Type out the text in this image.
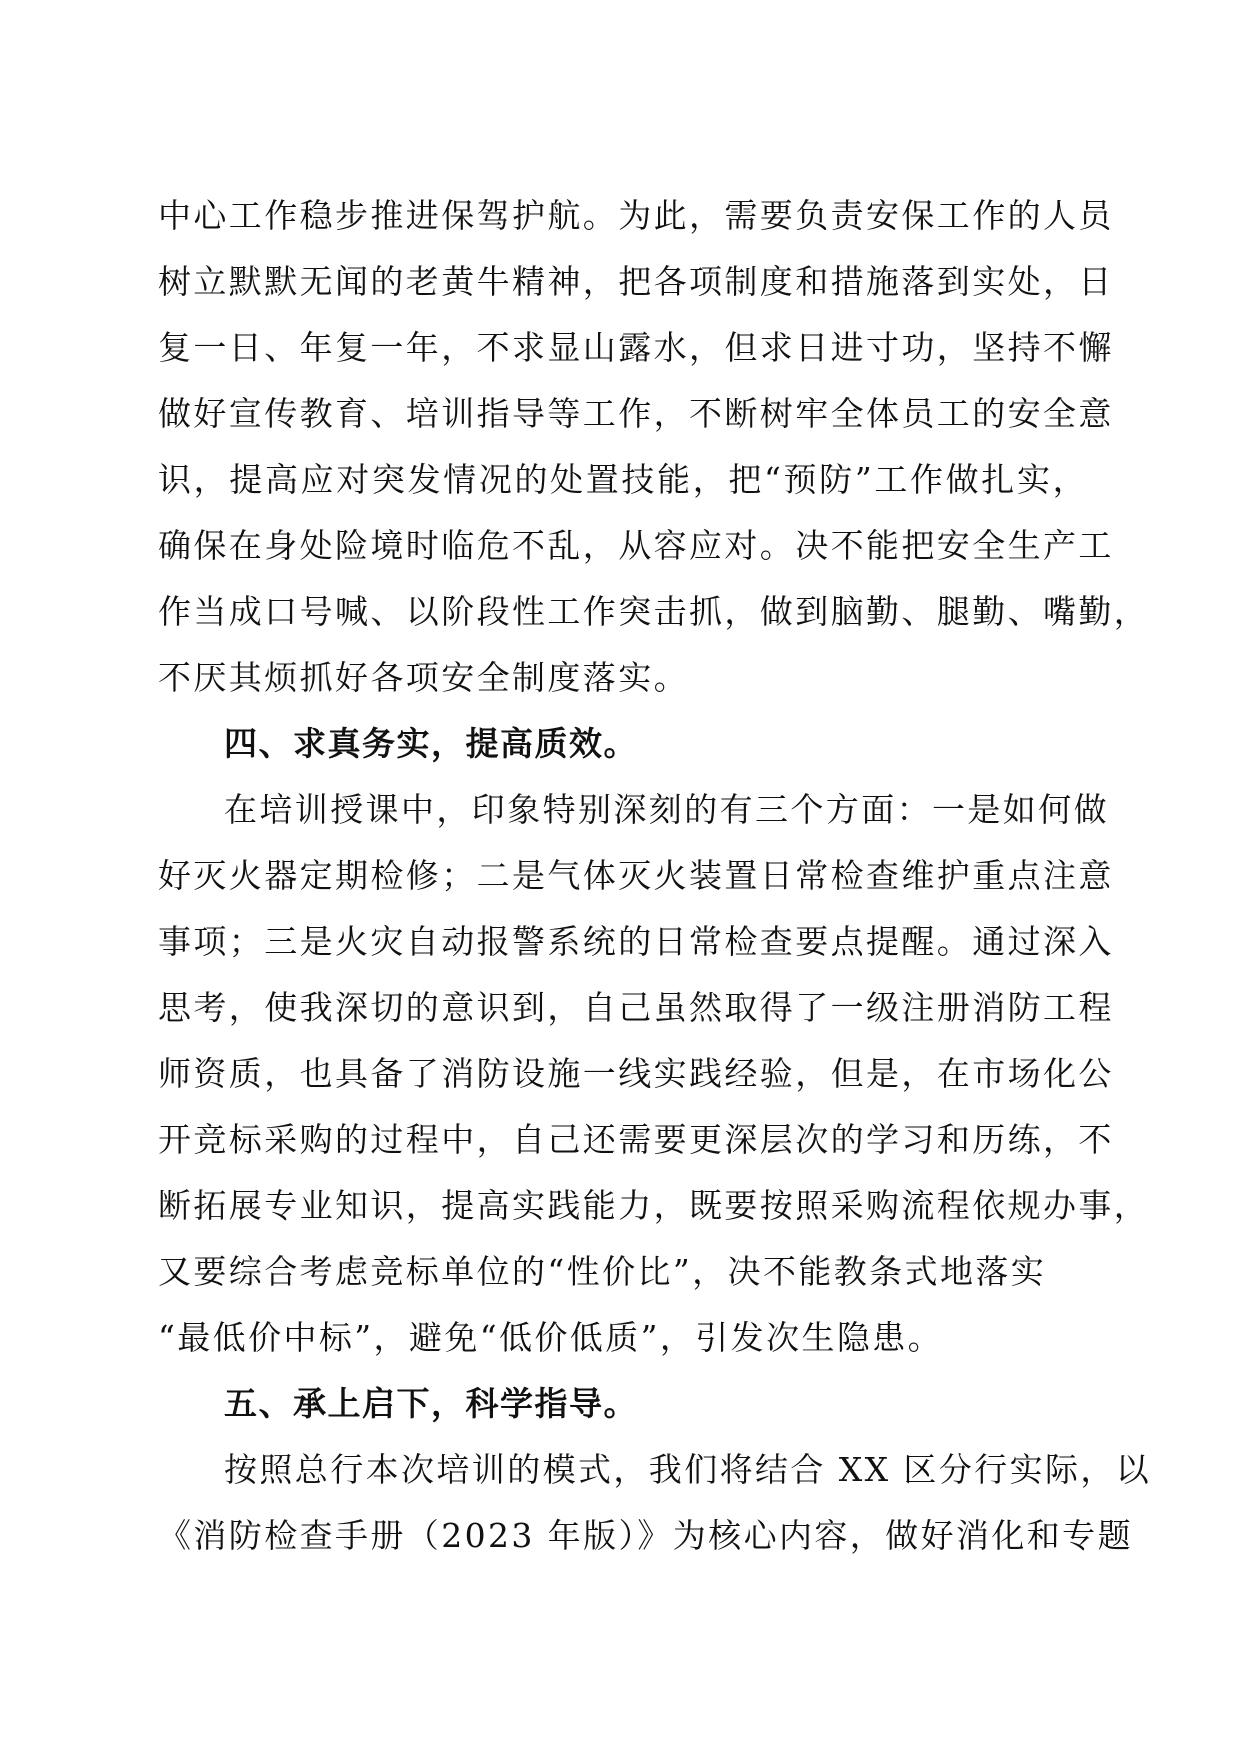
中心工作稳步推进保驾护航。为此，需要负责安保工作的人员
树立默默无闻的老黄牛精神，把各项制度和措施落到实处，日
复一日、年复一年，不求显山露水，但求日进寸功，坚持不懈
做好宣传教育、培训指导等工作，不断树牢全体员工的安全意
识，提高应对突发情况的处置技能，把“预防”工作做扎实，
确保在身处险境时临危不乱，从容应对。决不能把安全生产工
作当成口号喊、以阶段性工作突击抓，做到脑勤、腿勤、嘴勤，
不厌其烦抓好各项安全制度落实。
四、求真务实，提高质效。
在培训授课中，印象特别深刻的有三个方面：一是如何做
好灭火器定期检修；二是气体灭火装置日常检查维护重点注意
事项；三是火灾自动报警系统的日常检查要点提醒。通过深入
思考，使我深切的意识到，自己虽然取得了一级注册消防工程
师资质，也具备了消防设施一线实践经验，但是，在市场化公
开竞标采购的过程中，自己还需要更深层次的学习和历练，不
断拓展专业知识，提高实践能力，既要按照采购流程依规办事，
又要综合考虑竞标单位的“性价比”，决不能教条式地落实
“最低价中标”，避免“低价低质”，引发次生隐患。
五、承上启下，科学指导。
按照总行本次培训的模式，我们将结合 XX 区分行实际，以
《消防检查手册（2023 年版）》为核心内容，做好消化和专题
